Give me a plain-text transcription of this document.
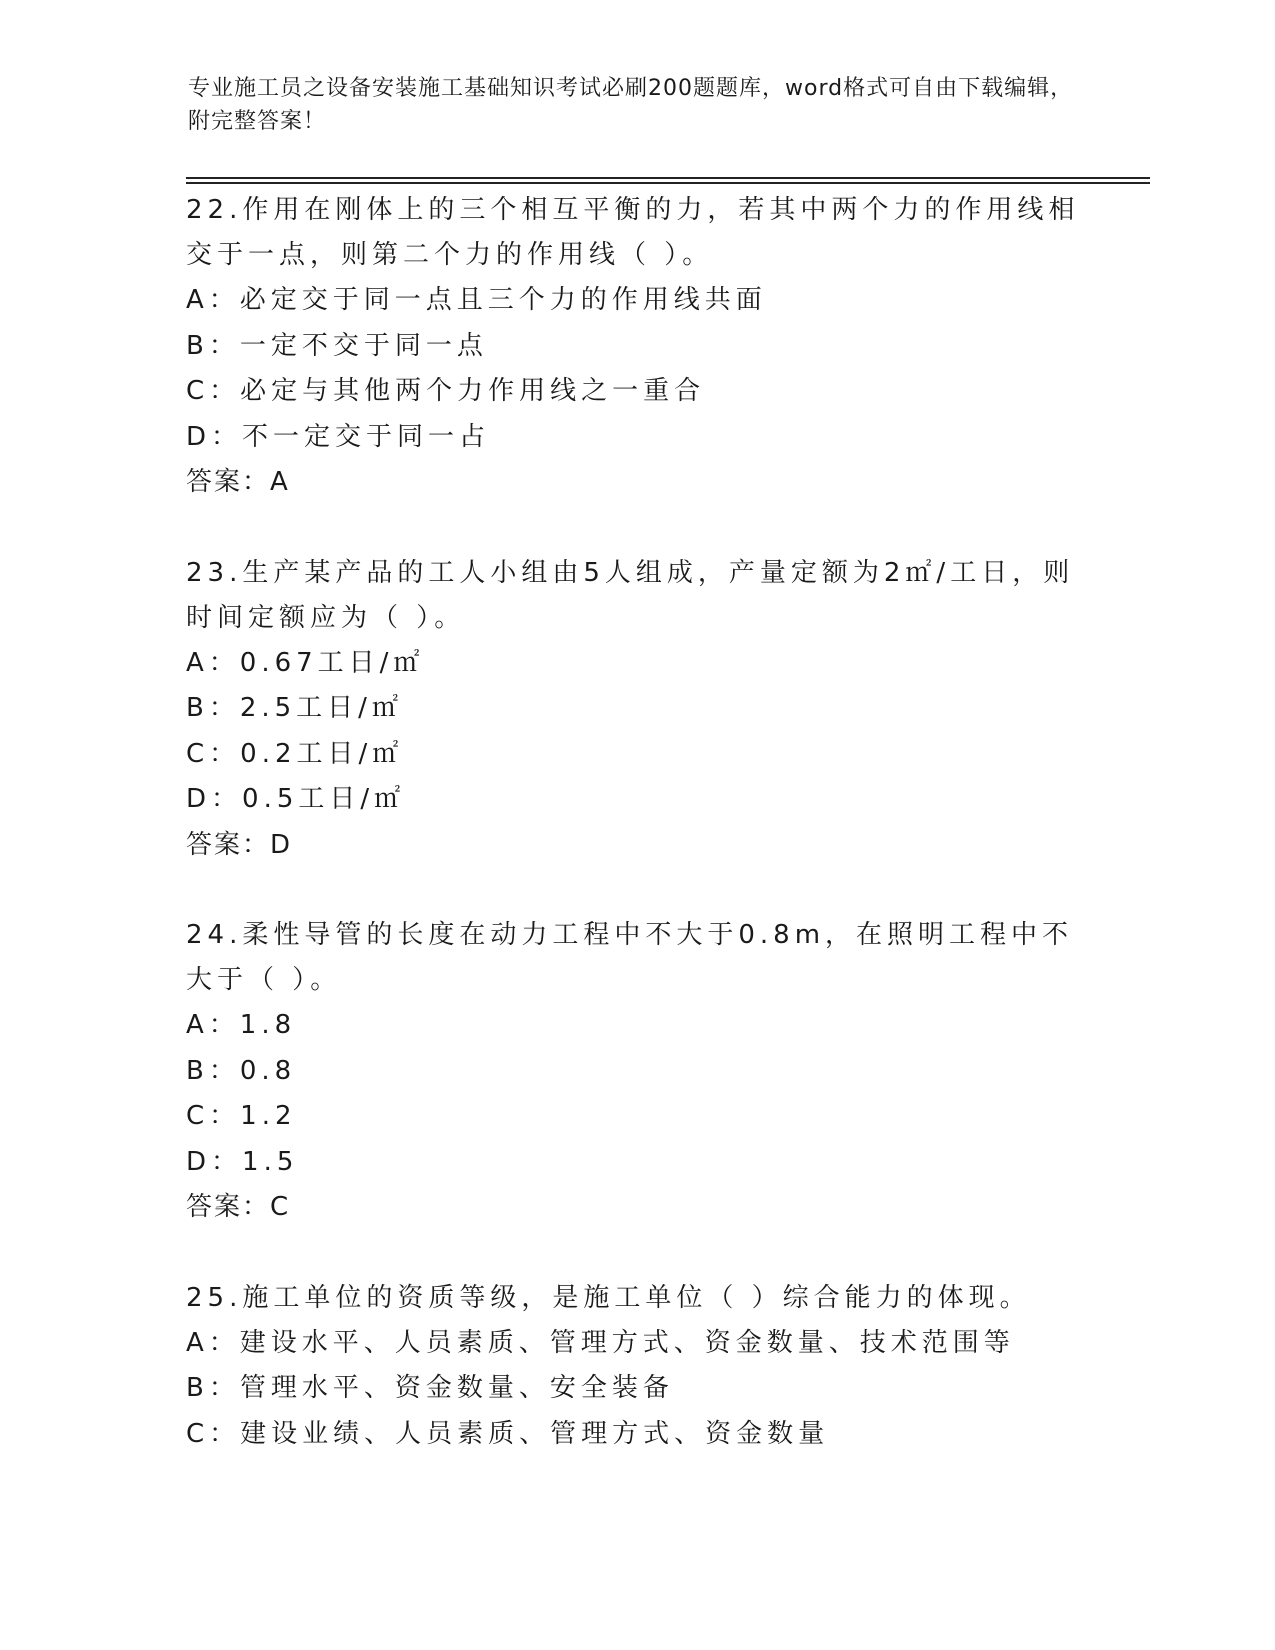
专业施工员之设备安装施工基础知识考试必刷200题题库，word格式可自由下载编辑，附完整答案！
22.作用在刚体上的三个相互平衡的力，若其中两个力的作用线相交于一点，则第二个力的作用线（ ）。
A：必定交于同一点且三个力的作用线共面
B：一定不交于同一点
C：必定与其他两个力作用线之一重合
D：不一定交于同一占
答案：A
23.生产某产品的工人小组由5人组成，产量定额为2㎡/工日，则时间定额应为（ ）。
A：0.67工日/㎡
B：2.5工日/㎡
C：0.2工日/㎡
D：0.5工日/㎡
答案：D
24.柔性导管的长度在动力工程中不大于0.8m，在照明工程中不大于（ ）。
A：1.8
B：0.8
C：1.2
D：1.5
答案：C
25.施工单位的资质等级，是施工单位（ ）综合能力的体现。
A：建设水平、人员素质、管理方式、资金数量、技术范围等
B：管理水平、资金数量、安全装备
C：建设业绩、人员素质、管理方式、资金数量
